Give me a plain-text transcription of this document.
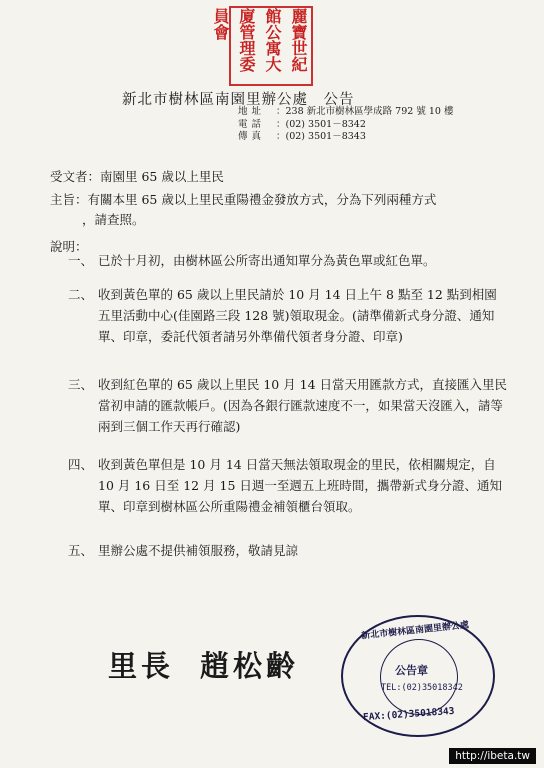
麗寶世紀館公寓大廈管理委員會
新北市樹林區南園里辦公處　公告
地址 ：238 新北市樹林區學成路 792 號 10 樓
電話 ：(02) 3501－8342
傳真 ：(02) 3501－8343
受文者：南園里 65 歲以上里民
主旨：有關本里 65 歲以上里民重陽禮金發放方式，分為下列兩種方式
，請查照。
說明：
一、 已於十月初，由樹林區公所寄出通知單分為黃色單或紅色單。
二、 收到黃色單的 65 歲以上里民請於 10 月 14 日上午 8 點至 12 點到相園五里活動中心(佳園路三段 128 號)領取現金。(請準備新式身分證、通知單、印章，委託代領者請另外準備代領者身分證、印章)
三、 收到紅色單的 65 歲以上里民 10 月 14 日當天用匯款方式，直接匯入里民當初申請的匯款帳戶。(因為各銀行匯款速度不一，如果當天沒匯入，請等兩到三個工作天再行確認)
四、 收到黃色單但是 10 月 14 日當天無法領取現金的里民，依相關規定，自 10 月 16 日至 12 月 15 日週一至週五上班時間，攜帶新式身分證、通知單、印章到樹林區公所重陽禮金補領櫃台領取。
五、 里辦公處不提供補領服務，敬請見諒
里長 趙松齡
新北市樹林區南園里辦公處
公告章
TEL:(02)35018342
FAX:(02)35018343
http://ibeta.tw
